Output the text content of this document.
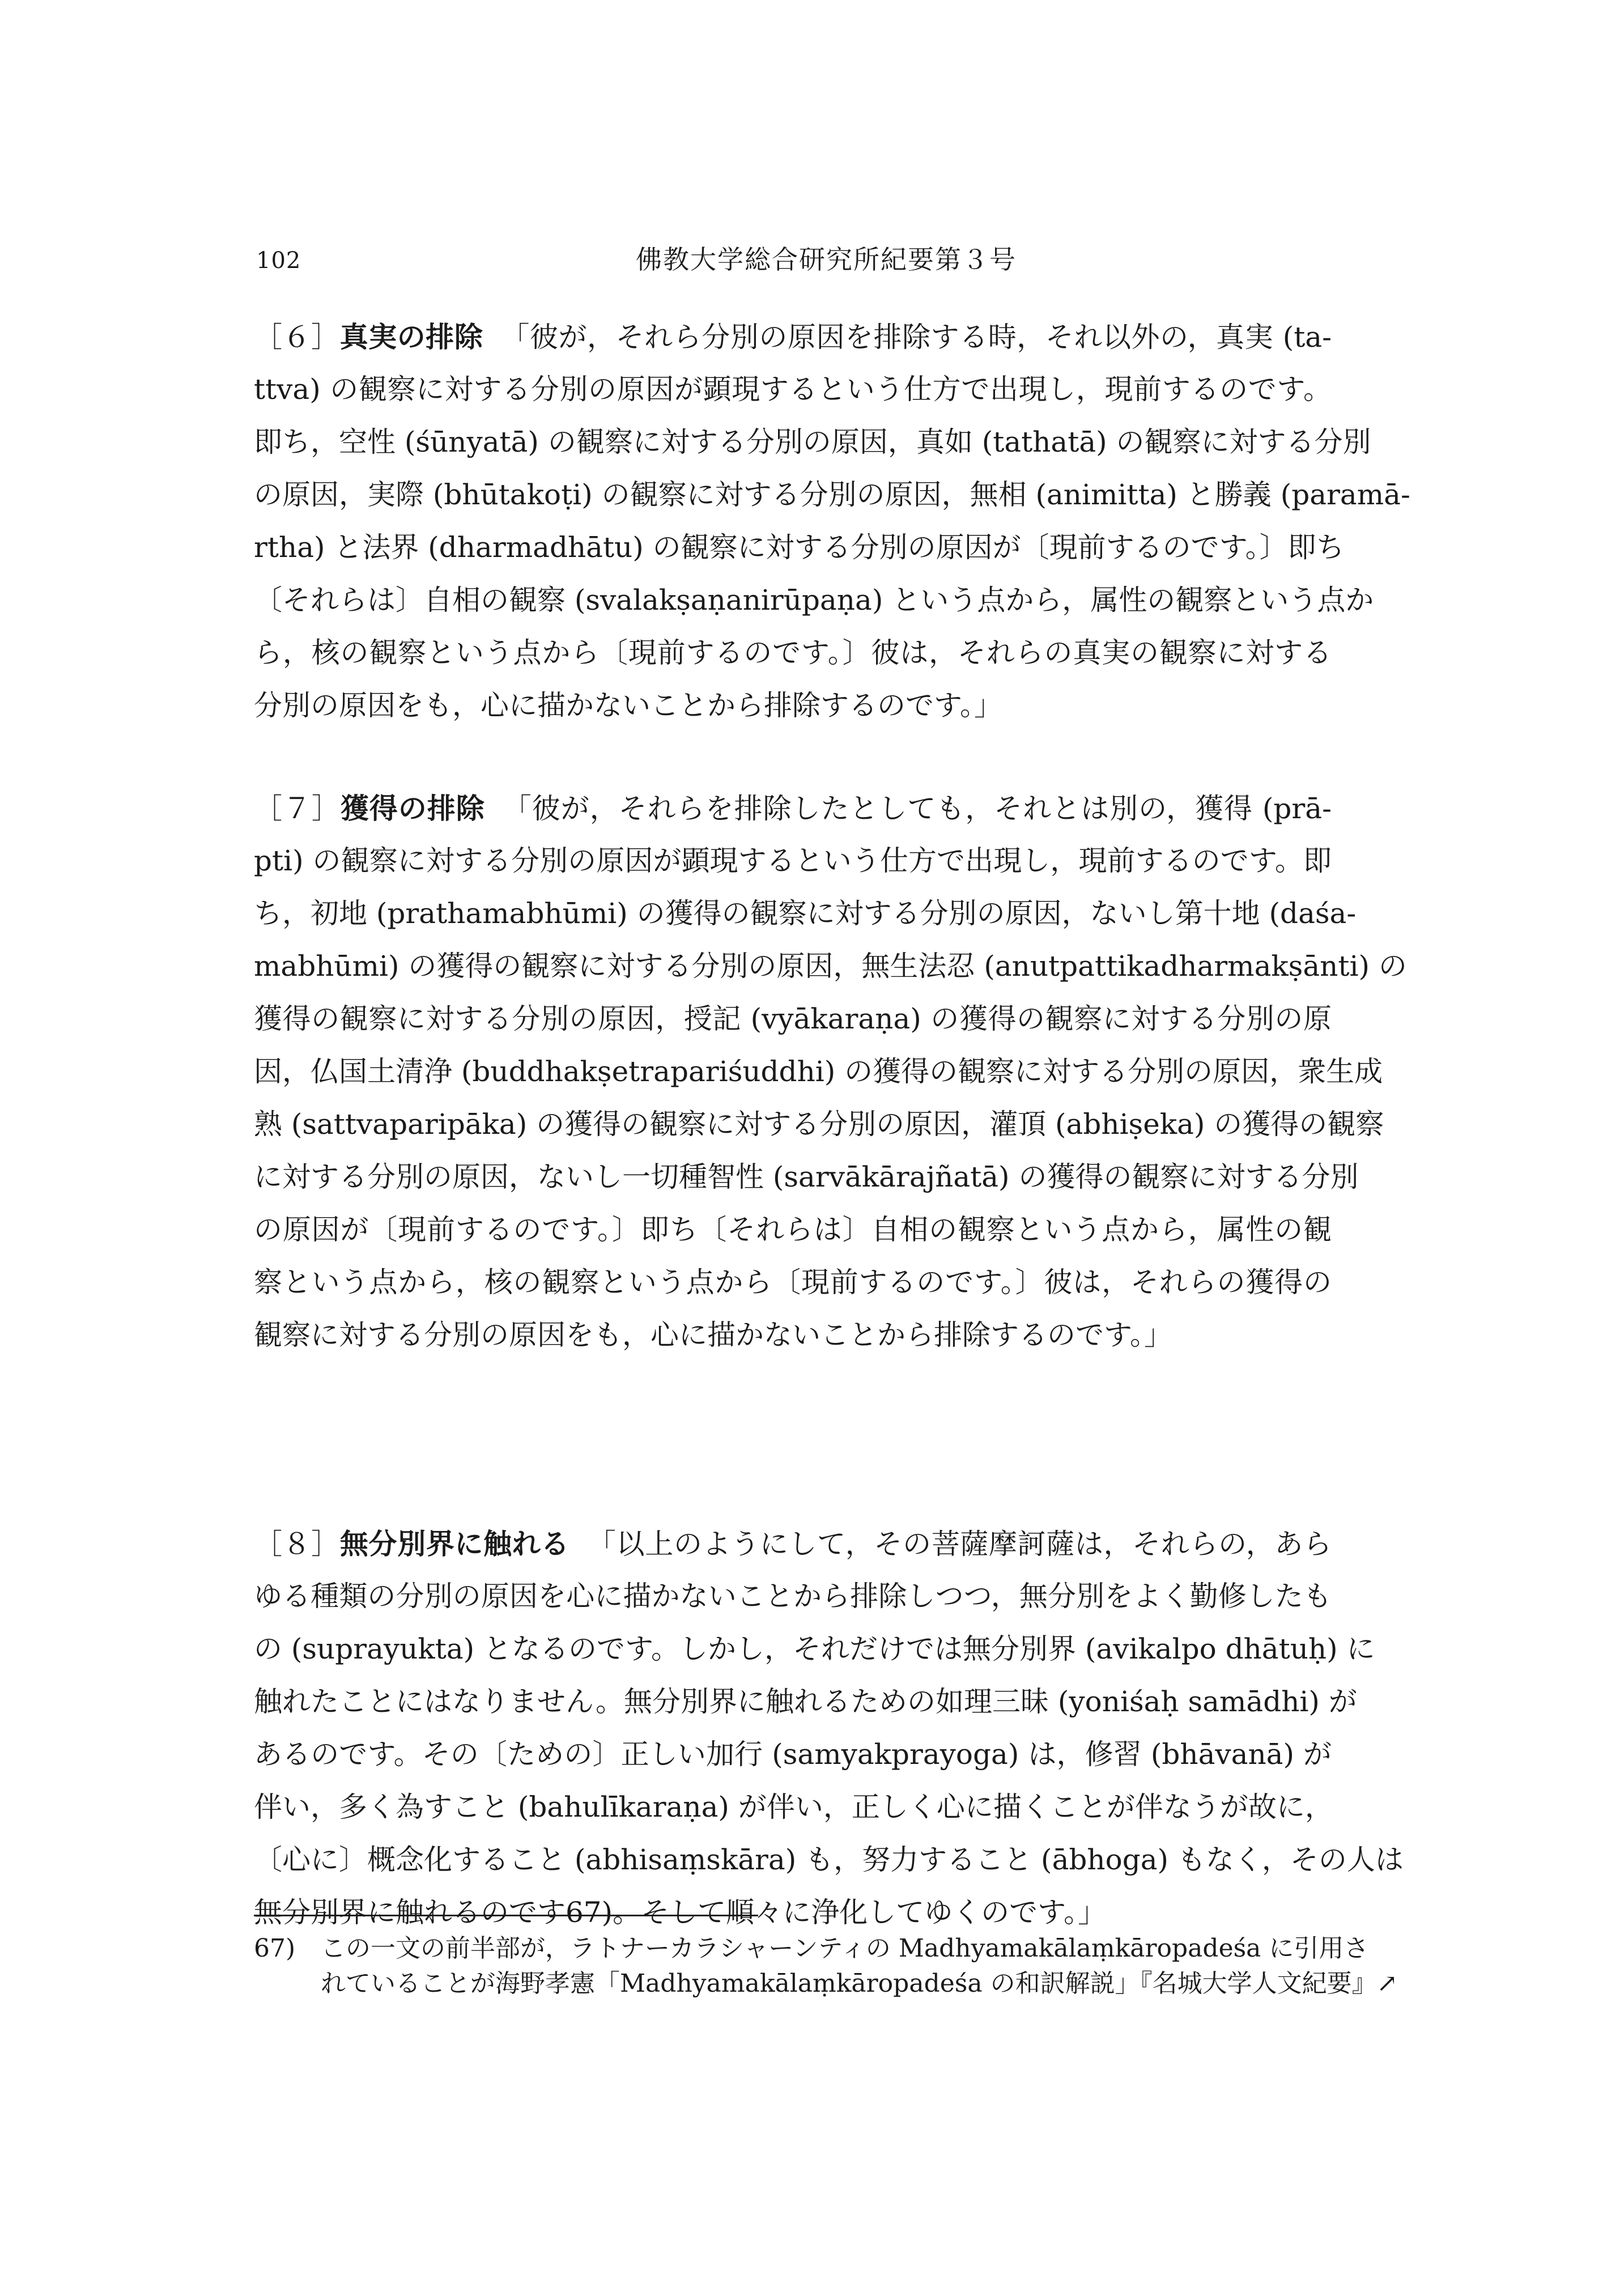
102	佛教大学総合研究所紀要第３号
［６］真実の排除 「彼が，それら分別の原因を排除する時，それ以外の，真実 (ta-
ttva) の観察に対する分別の原因が顕現するという仕方で出現し，現前するのです。
即ち，空性 (śūnyatā) の観察に対する分別の原因，真如 (tathatā) の観察に対する分別
の原因，実際 (bhūtakoṭi) の観察に対する分別の原因，無相 (animitta) と勝義 (paramā-
rtha) と法界 (dharmadhātu) の観察に対する分別の原因が〔現前するのです。〕即ち
〔それらは〕自相の観察 (svalakṣaṇanirūpaṇa) という点から，属性の観察という点か
ら，核の観察という点から〔現前するのです。〕彼は，それらの真実の観察に対する
分別の原因をも，心に描かないことから排除するのです。」
［７］獲得の排除 「彼が，それらを排除したとしても，それとは別の，獲得 (prā-
pti) の観察に対する分別の原因が顕現するという仕方で出現し，現前するのです。即
ち，初地 (prathamabhūmi) の獲得の観察に対する分別の原因，ないし第十地 (daśa-
mabhūmi) の獲得の観察に対する分別の原因，無生法忍 (anutpattikadharmakṣānti) の
獲得の観察に対する分別の原因，授記 (vyākaraṇa) の獲得の観察に対する分別の原
因，仏国土清浄 (buddhakṣetrapariśuddhi) の獲得の観察に対する分別の原因，衆生成
熟 (sattvaparipāka) の獲得の観察に対する分別の原因，灌頂 (abhiṣeka) の獲得の観察
に対する分別の原因，ないし一切種智性 (sarvākārajñatā) の獲得の観察に対する分別
の原因が〔現前するのです。〕即ち〔それらは〕自相の観察という点から，属性の観
察という点から，核の観察という点から〔現前するのです。〕彼は，それらの獲得の
観察に対する分別の原因をも，心に描かないことから排除するのです。」
［８］無分別界に触れる 「以上のようにして，その菩薩摩訶薩は，それらの，あら
ゆる種類の分別の原因を心に描かないことから排除しつつ，無分別をよく勤修したも
の (suprayukta) となるのです。しかし，それだけでは無分別界 (avikalpo dhātuḥ) に
触れたことにはなりません。無分別界に触れるための如理三昧 (yoniśaḥ samādhi) が
あるのです。その〔ための〕正しい加行 (samyakprayoga) は，修習 (bhāvanā) が
伴い，多く為すこと (bahulīkaraṇa) が伴い，正しく心に描くことが伴なうが故に，
〔心に〕概念化すること (abhisaṃskāra) も，努力すること (ābhoga) もなく，その人は
無分別界に触れるのです67)。そして順々に浄化してゆくのです。」
67) この一文の前半部が，ラトナーカラシャーンティの Madhyamakālaṃkāropadeśa に引用さ
れていることが海野孝憲「Madhyamakālaṃkāropadeśa の和訳解説」『名城大学人文紀要』↗
